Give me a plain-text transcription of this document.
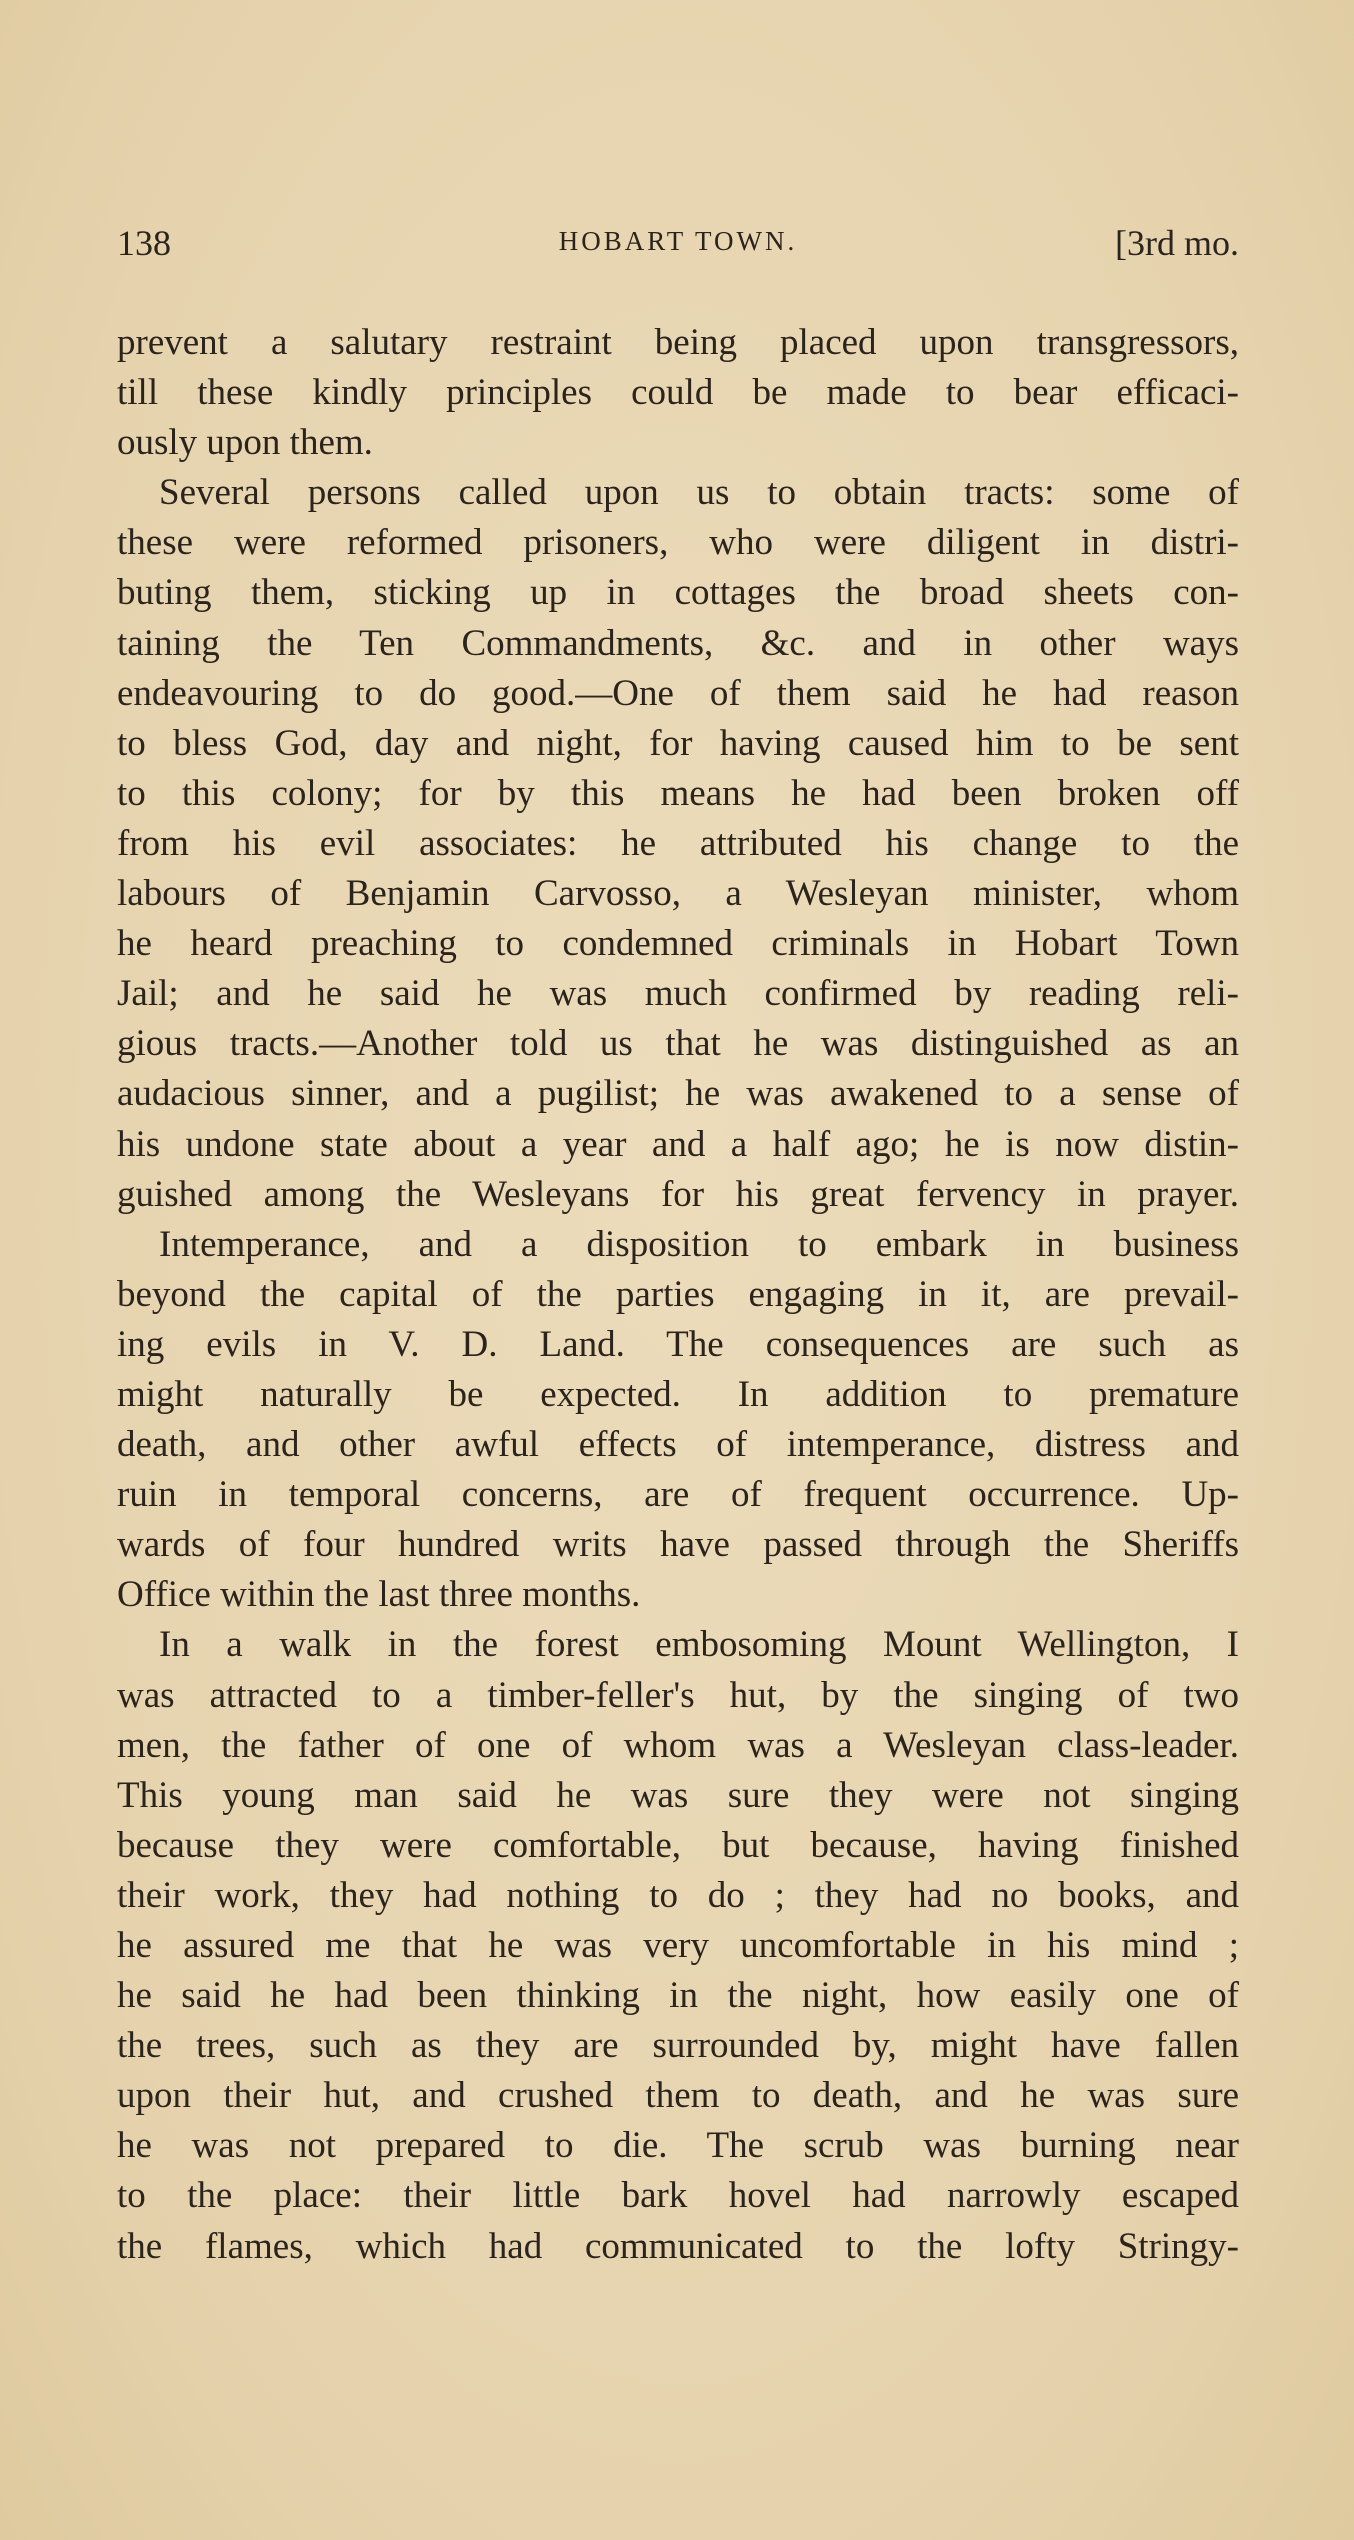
138	HOBART TOWN.	[3rd mo.
prevent a salutary restraint being placed upon transgressors,
till these kindly principles could be made to bear efficaci-
ously upon them.
Several persons called upon us to obtain tracts: some of
these were reformed prisoners, who were diligent in distri-
buting them, sticking up in cottages the broad sheets con-
taining the Ten Commandments, &c. and in other ways
endeavouring to do good.—One of them said he had reason
to bless God, day and night, for having caused him to be sent
to this colony; for by this means he had been broken off
from his evil associates: he attributed his change to the
labours of Benjamin Carvosso, a Wesleyan minister, whom
he heard preaching to condemned criminals in Hobart Town
Jail; and he said he was much confirmed by reading reli-
gious tracts.—Another told us that he was distinguished as an
audacious sinner, and a pugilist; he was awakened to a sense of
his undone state about a year and a half ago; he is now distin-
guished among the Wesleyans for his great fervency in prayer.
Intemperance, and a disposition to embark in business
beyond the capital of the parties engaging in it, are prevail-
ing evils in V. D. Land. The consequences are such as
might naturally be expected. In addition to premature
death, and other awful effects of intemperance, distress and
ruin in temporal concerns, are of frequent occurrence. Up-
wards of four hundred writs have passed through the Sheriffs
Office within the last three months.
In a walk in the forest embosoming Mount Wellington, I
was attracted to a timber-feller's hut, by the singing of two
men, the father of one of whom was a Wesleyan class-leader.
This young man said he was sure they were not singing
because they were comfortable, but because, having finished
their work, they had nothing to do ; they had no books, and
he assured me that he was very uncomfortable in his mind ;
he said he had been thinking in the night, how easily one of
the trees, such as they are surrounded by, might have fallen
upon their hut, and crushed them to death, and he was sure
he was not prepared to die. The scrub was burning near
to the place: their little bark hovel had narrowly escaped
the flames, which had communicated to the lofty Stringy-
